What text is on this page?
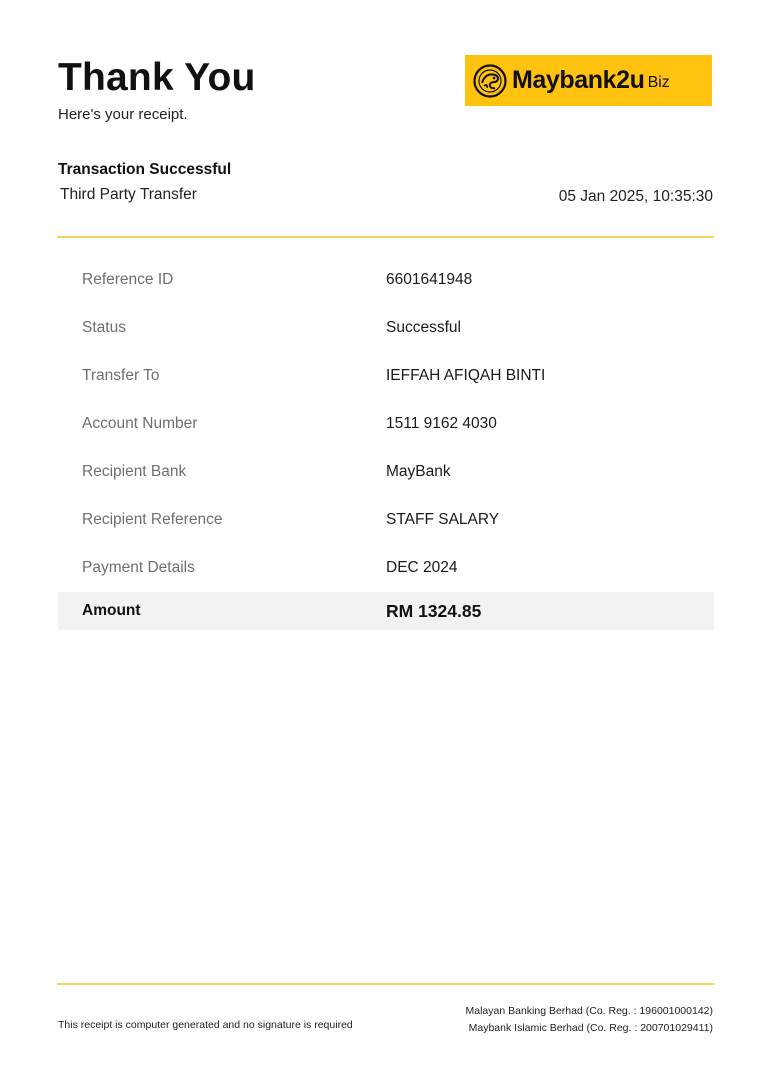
Thank You
Here's your receipt.
Maybank2u Biz
Transaction Successful
Third Party Transfer	05 Jan 2025, 10:35:30
Reference ID	6601641948
Status	Successful
Transfer To	IEFFAH AFIQAH BINTI
Account Number	1511 9162 4030
Recipient Bank	MayBank
Recipient Reference	STAFF SALARY
Payment Details	DEC 2024
Amount	RM 1324.85
This receipt is computer generated and no signature is required
Malayan Banking Berhad (Co. Reg. : 196001000142)
Maybank Islamic Berhad (Co. Reg. : 200701029411)
